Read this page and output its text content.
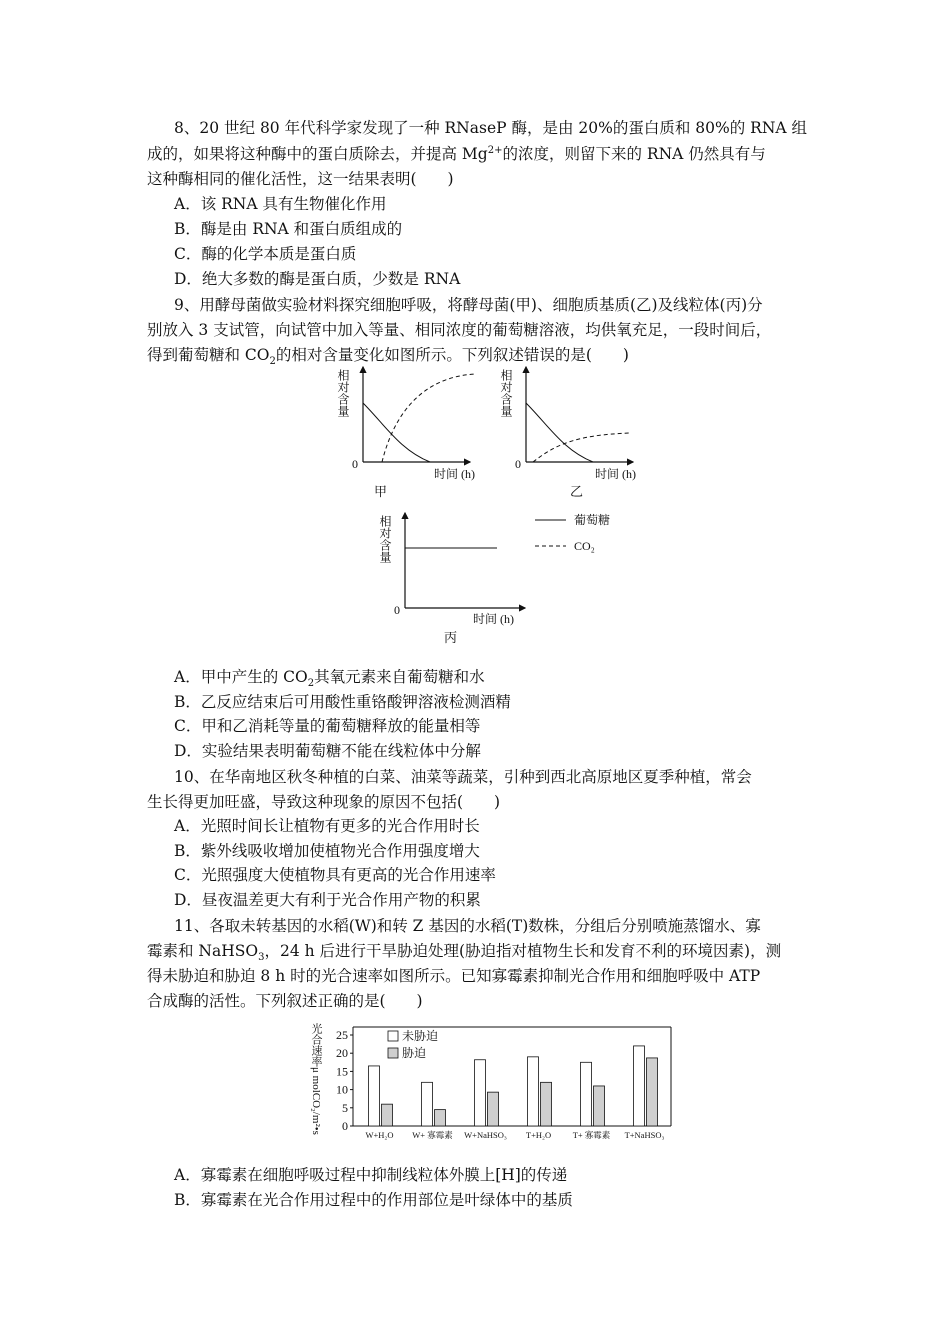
8、20 世纪 80 年代科学家发现了一种 RNaseP 酶，是由 20%的蛋白质和 80%的 RNA 组
成的，如果将这种酶中的蛋白质除去，并提高 $Mg^{2+}$的浓度，则留下来的 RNA 仍然具有与
这种酶相同的催化活性，这一结果表明(　　)
A．该 RNA 具有生物催化作用
B．酶是由 RNA 和蛋白质组成的
C．酶的化学本质是蛋白质
D．绝大多数的酶是蛋白质，少数是 RNA
9、用酵母菌做实验材料探究细胞呼吸，将酵母菌(甲)、细胞质基质(乙)及线粒体(丙)分
别放入 3 支试管，向试管中加入等量、相同浓度的葡萄糖溶液，均供氧充足，一段时间后，
得到葡萄糖和 $CO_2$的相对含量变化如图所示。下列叙述错误的是(　　)
相对含量
0
时间 (h)
甲
相对含量
0
时间 (h)
乙
相对含量
0
时间 (h)
丙
葡萄糖
CO₂
A．甲中产生的 $CO_2$其氧元素来自葡萄糖和水
B．乙反应结束后可用酸性重铬酸钾溶液检测酒精
C．甲和乙消耗等量的葡萄糖释放的能量相等
D．实验结果表明葡萄糖不能在线粒体中分解
10、在华南地区秋冬种植的白菜、油菜等蔬菜，引种到西北高原地区夏季种植，常会
生长得更加旺盛，导致这种现象的原因不包括(　　)
A．光照时间长让植物有更多的光合作用时长
B．紫外线吸收增加使植物光合作用强度增大
C．光照强度大使植物具有更高的光合作用速率
D．昼夜温差更大有利于光合作用产物的积累
11、各取未转基因的水稻(W)和转 Z 基因的水稻(T)数株，分组后分别喷施蒸馏水、寡
霉素和 NaHSO$_3$，24 h 后进行干旱胁迫处理(胁迫指对植物生长和发育不利的环境因素)，测
得未胁迫和胁迫 8 h 时的光合速率如图所示。已知寡霉素抑制光合作用和细胞呼吸中 ATP
合成酶的活性。下列叙述正确的是(　　)
光合速率μ molCO₂/m²•s 0
5
10
15
20
25
W+H₂O W+ 寡霉素 W+NaHSO₃ T+H₂O	T+ 寡霉素 T+NaHSO₃
未胁迫
胁迫
A．寡霉素在细胞呼吸过程中抑制线粒体外膜上[H]的传递
B．寡霉素在光合作用过程中的作用部位是叶绿体中的基质
